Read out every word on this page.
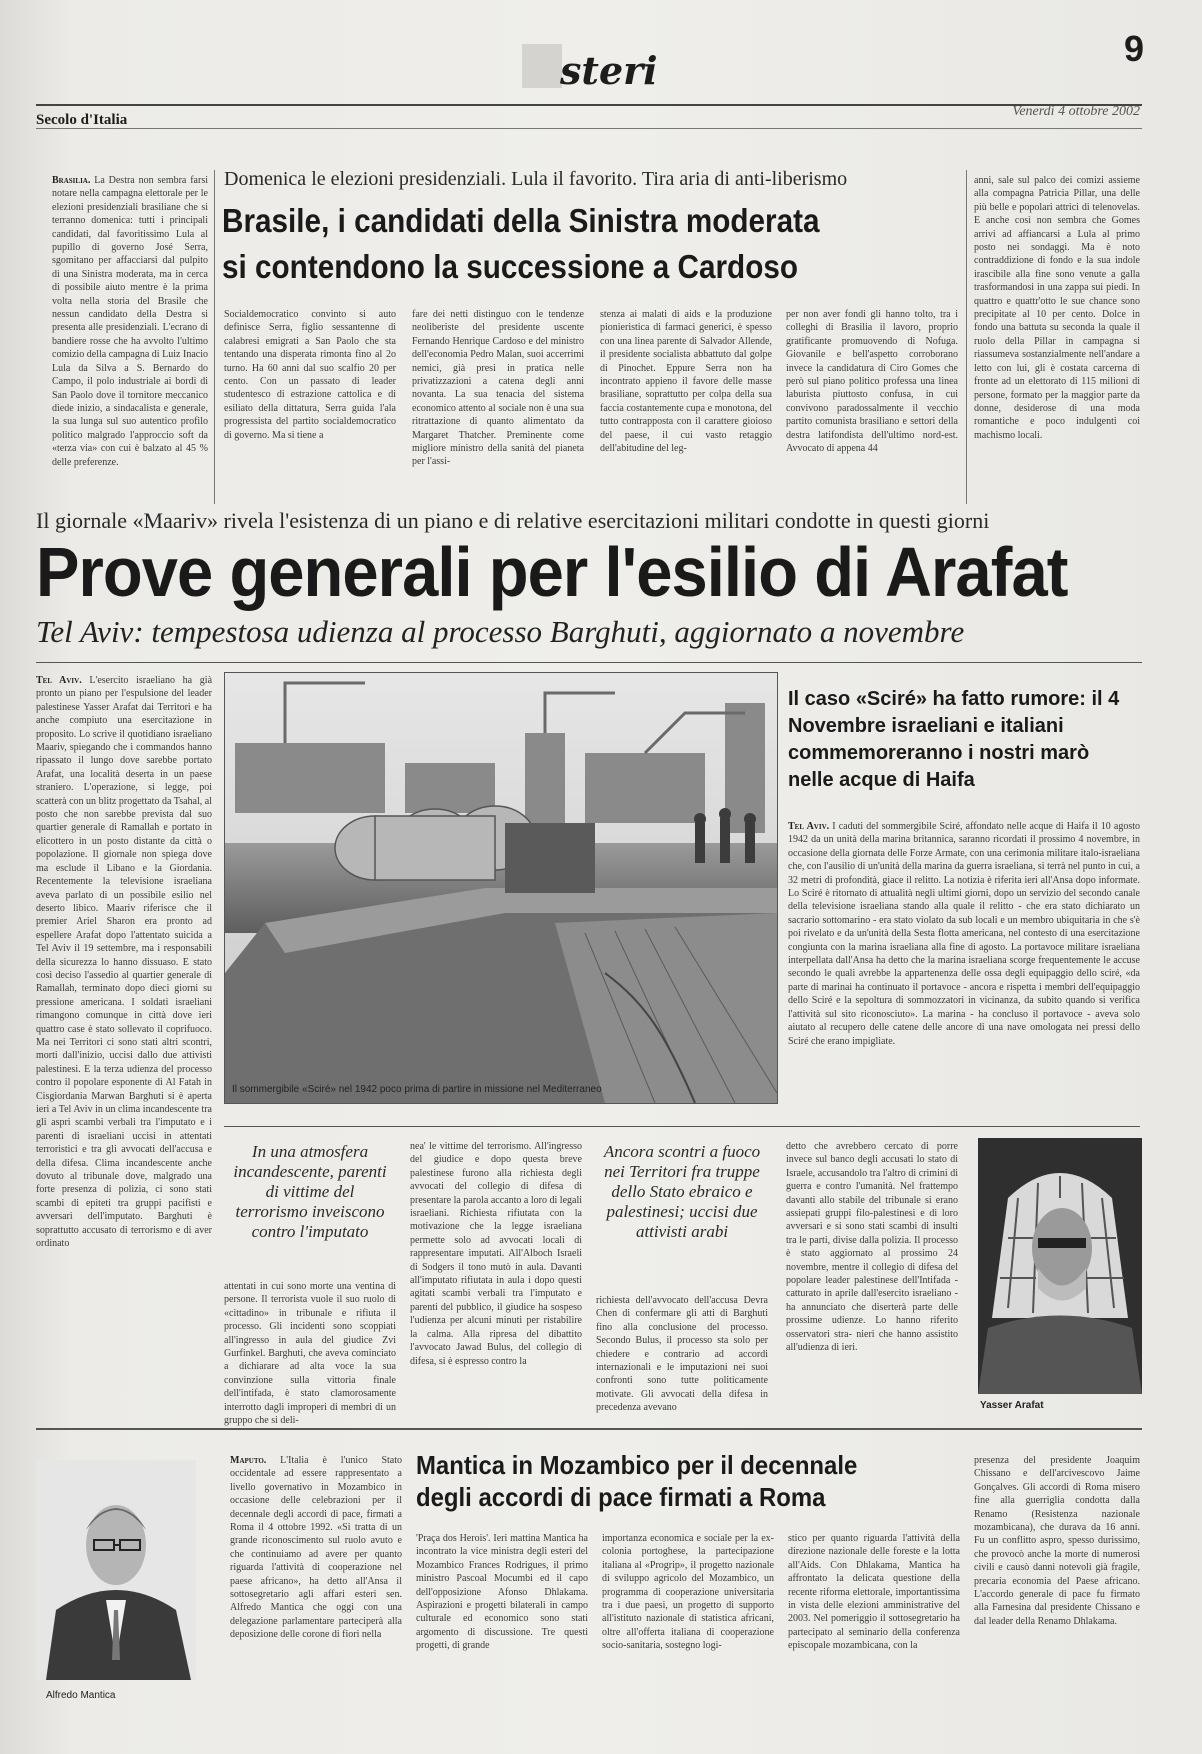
steri	9
Secolo d'Italia
Venerdì 4 ottobre 2002
Brasilia. La Destra non sembra farsi notare nella campagna elettorale per le elezioni presidenziali brasiliane che si terranno domenica: tutti i principali candidati, dal favoritissimo Lula al pupillo di governo José Serra, sgomitano per affacciarsi dal pulpito di una Sinistra moderata, ma in cerca di possibile aiuto mentre è la prima volta nella storia del Brasile che nessun candidato della Destra si presenta alle presidenziali. L'ecrano di bandiere rosse che ha avvolto l'ultimo comizio della campagna di Luiz Inacio Lula da Silva a S. Bernardo do Campo, il polo industriale ai bordi di San Paolo dove il tornitore meccanico diede inizio, a sindacalista e generale, la sua lunga sul suo autentico profilo politico malgrado l'approccio soft da «terza via» con cui è balzato al 45 % delle preferenze.
Domenica le elezioni presidenziali. Lula il favorito. Tira aria di anti-liberismo
Brasile, i candidati della Sinistra moderata
si contendono la successione a Cardoso
Socialdemocratico convinto si auto definisce Serra, figlio sessantenne di calabresi emigrati a San Paolo che sta tentando una disperata rimonta fino al 2o turno. Ha 60 anni dal suo scalfio 20 per cento. Con un passato di leader studentesco di estrazione cattolica e di esiliato della dittatura, Serra guida l'ala progressista del partito socialdemocratico di governo. Ma si tiene a
fare dei netti distinguo con le tendenze neoliberiste del presidente uscente Fernando Henrique Cardoso e del ministro dell'economia Pedro Malan, suoi accerrimi nemici, già presi in pratica nelle privatizzazioni a catena degli anni novanta. La sua tenacia del sistema economico attento al sociale non è una sua ritrattazione di quanto alimentato da Margaret Thatcher. Preminente come migliore ministro della sanità del pianeta per l'assi-
stenza ai malati di aids e la produzione pionieristica di farmaci generici, è spesso con una linea parente di Salvador Allende, il presidente socialista abbattuto dal golpe di Pinochet. Eppure Serra non ha incontrato appieno il favore delle masse brasiliane, soprattutto per colpa della sua faccia costantemente cupa e monotona, del tutto contrapposta con il carattere gioioso del paese, il cui vasto retaggio dell'abitudine del leg-
per non aver fondi gli hanno tolto, tra i colleghi di Brasilia il lavoro, proprio gratificante promuovendo di Nofuga. Giovanile e bell'aspetto corroborano invece la candidatura di Ciro Gomes che però sul piano politico professa una linea laburista piuttosto confusa, in cui convivono paradossalmente il vecchio partito comunista brasiliano e settori della destra latifondista dell'ultimo nord-est. Avvocato di appena 44
anni, sale sul palco dei comizi assieme alla compagna Patricia Pillar, una delle più belle e popolari attrici di telenovelas. E anche così non sembra che Gomes arrivi ad affiancarsi a Lula al primo posto nei sondaggi. Ma è noto contraddizione di fondo e la sua indole irascibile alla fine sono venute a galla trasformandosi in una zappa sui piedi. In quattro e quattr'otto le sue chance sono precipitate al 10 per cento. Dolce in fondo una battuta su seconda la quale il ruolo della Pillar in campagna si riassumeva sostanzialmente nell'andare a letto con lui, gli è costata carcerna di fronte ad un elettorato di 115 milioni di persone, formato per la maggior parte da donne, desiderose di una moda romantiche e poco indulgenti coi machismo locali.
Il giornale «Maariv» rivela l'esistenza di un piano e di relative esercitazioni militari condotte in questi giorni
Prove generali per l'esilio di Arafat
Tel Aviv: tempestosa udienza al processo Barghuti, aggiornato a novembre
Tel Aviv. L'esercito israeliano ha già pronto un piano per l'espulsione del leader palestinese Yasser Arafat dai Territori e ha anche compiuto una esercitazione in proposito. Lo scrive il quotidiano israeliano Maariv, spiegando che i commandos hanno ripassato il lungo dove sarebbe portato Arafat, una località deserta in un paese straniero. L'operazione, si legge, poi scatterà con un blitz progettato da Tsahal, al posto che non sarebbe prevista dal suo quartier generale di Ramallah e portato in elicottero in un posto distante da città o popolazione. Il giornale non spiega dove ma esclude il Libano e la Giordania. Recentemente la televisione israeliana aveva parlato di un possibile esilio nel deserto libico. Maariv riferisce che il premier Ariel Sharon era pronto ad espellere Arafat dopo l'attentato suicida a Tel Aviv il 19 settembre, ma i responsabili della sicurezza lo hanno dissuaso. E stato così deciso l'assedio al quartier generale di Ramallah, terminato dopo dieci giorni su pressione americana. I soldati israeliani rimangono comunque in città dove ieri quattro case è stato sollevato il coprifuoco. Ma nei Territori ci sono stati altri scontri, morti dall'inizio, uccisi dallo due attivisti palestinesi. E la terza udienza del processo contro il popolare esponente di Al Fatah in Cisgiordania Marwan Barghuti si è aperta ieri a Tel Aviv in un clima incandescente tra gli aspri scambi verbali tra l'imputato e i parenti di israeliani uccisi in attentati terroristici e tra gli avvocati dell'accusa e della difesa. Clima incandescente anche dovuto al tribunale dove, malgrado una forte presenza di polizia, ci sono stati scambi di epiteti tra gruppi pacifisti e avversari dell'imputato. Barghuti è soprattutto accusato di terrorismo e di aver ordinato
Il sommergibile «Sciré» nel 1942 poco prima di partire in missione nel Mediterraneo
Il caso «Sciré» ha fatto rumore: il 4 Novembre israeliani e italiani commemoreranno i nostri marò nelle acque di Haifa
Tel Aviv. I caduti del sommergibile Sciré, affondato nelle acque di Haifa il 10 agosto 1942 da un unità della marina britannica, saranno ricordati il prossimo 4 novembre, in occasione della giornata delle Forze Armate, con una cerimonia militare italo-israeliana che, con l'ausilio di un'unità della marina da guerra israeliana, si terrà nel punto in cui, a 32 metri di profondità, giace il relitto. La notizia è riferita ieri all'Ansa dopo informate. Lo Sciré è ritornato di attualità negli ultimi giorni, dopo un servizio del secondo canale della televisione israeliana stando alla quale il relitto - che era stato dichiarato un sacrario sottomarino - era stato violato da sub locali e un membro ubiquitaria in che s'è poi rivelato e da un'unità della Sesta flotta americana, nel contesto di una esercitazione congiunta con la marina israeliana alla fine di agosto. La portavoce militare israeliana interpellata dall'Ansa ha detto che la marina israeliana scorge frequentemente le accuse secondo le quali avrebbe la appartenenza delle ossa degli equipaggio dello sciré, «da parte di marinai ha continuato il portavoce - ancora e rispetta i membri dell'equipaggio dello Sciré e la sepoltura di sommozzatori in vicinanza, da subito quando si verifica l'attività sul sito riconosciuto». La marina - ha concluso il portavoce - aveva solo aiutato al recupero delle catene delle ancore di una nave omologata nei pressi dello Sciré che erano impigliate.
In una atmosfera incandescente, parenti di vittime del terrorismo inveiscono contro l'imputato
attentati in cui sono morte una ventina di persone. Il terrorista vuole il suo ruolo di «cittadino» in tribunale e rifiuta il processo. Gli incidenti sono scoppiati all'ingresso in aula del giudice Zvi Gurfinkel. Barghuti, che aveva cominciato a dichiarare ad alta voce la sua convinzione sulla vittoria finale dell'intifada, è stato clamorosamente interrotto dagli improperi di membri di un gruppo che si deli-
nea' le vittime del terrorismo. All'ingresso del giudice e dopo questa breve palestinese furono alla richiesta degli avvocati del collegio di difesa di presentare la parola accanto a loro di legali israeliani. Richiesta rifiutata con la motivazione che la legge israeliana permette solo ad avvocati locali di rappresentare imputati. All'Alboch Israeli di Sodgers il tono mutò in aula. Davanti all'imputato rifiutata in aula i dopo questi agitati scambi verbali tra l'imputato e parenti del pubblico, il giudice ha sospeso l'udienza per alcuni minuti per ristabilire la calma. Alla ripresa del dibattito l'avvocato Jawad Bulus, del collegio di difesa, si è espresso contro la
Ancora scontri a fuoco nei Territori fra truppe dello Stato ebraico e palestinesi; uccisi due attivisti arabi
richiesta dell'avvocato dell'accusa Devra Chen di confermare gli atti di Barghuti fino alla conclusione del processo. Secondo Bulus, il processo sta solo per chiedere e contrario ad accordi internazionali e le imputazioni nei suoi confronti sono tutte politicamente motivate. Gli avvocati della difesa in precedenza avevano
detto che avrebbero cercato di porre invece sul banco degli accusati lo stato di Israele, accusandolo tra l'altro di crimini di guerra e contro l'umanità. Nel frattempo davanti allo stabile del tribunale si erano assiepati gruppi filo-palestinesi e di loro avversari e si sono stati scambi di insulti tra le parti, divise dalla polizia. Il processo è stato aggiornato al prossimo 24 novembre, mentre il collegio di difesa del popolare leader palestinese dell'Intifada - catturato in aprile dall'esercito israeliano - ha annunciato che diserterà parte delle prossime udienze. Lo hanno riferito osservatori stra- nieri che hanno assistito all'udienza di ieri.
Yasser Arafat
Alfredo Mantica
Maputo. L'Italia è l'unico Stato occidentale ad essere rappresentato a livello governativo in Mozambico in occasione delle celebrazioni per il decennale degli accordi di pace, firmati a Roma il 4 ottobre 1992. «Si tratta di un grande riconoscimento sul ruolo avuto e che continuiamo ad avere per quanto riguarda l'attività di cooperazione nel paese africano», ha detto all'Ansa il sottosegretario agli affari esteri sen. Alfredo Mantica che oggi con una delegazione parlamentare parteciperà alla deposizione delle corone di fiori nella
Mantica in Mozambico per il decennale
degli accordi di pace firmati a Roma
'Praça dos Herois'. Ieri mattina Mantica ha incontrato la vice ministra degli esteri del Mozambico Frances Rodrigues, il primo ministro Pascoal Mocumbi ed il capo dell'opposizione Afonso Dhlakama. Aspirazioni e progetti bilaterali in campo culturale ed economico sono stati argomento di discussione. Tre questi progetti, di grande
importanza economica e sociale per la ex-colonia portoghese, la partecipazione italiana al «Progrip», il progetto nazionale di sviluppo agricolo del Mozambico, un programma di cooperazione universitaria tra i due paesi, un progetto di supporto all'istituto nazionale di statistica africani, oltre all'offerta italiana di cooperazione socio-sanitaria, sostegno logi-
stico per quanto riguarda l'attività della direzione nazionale delle foreste e la lotta all'Aids. Con Dhlakama, Mantica ha affrontato la delicata questione della recente riforma elettorale, importantissima in vista delle elezioni amministrative del 2003. Nel pomeriggio il sottosegretario ha partecipato al seminario della conferenza episcopale mozambicana, con la
presenza del presidente Joaquim Chissano e dell'arcivescovo Jaime Gonçalves. Gli accordi di Roma misero fine alla guerriglia condotta dalla Renamo (Resistenza nazionale mozambicana), che durava da 16 anni. Fu un conflitto aspro, spesso durissimo, che provocò anche la morte di numerosi civili e causò danni notevoli già fragile, precaria economia del Paese africano. L'accordo generale di pace fu firmato alla Farnesina dal presidente Chissano e dal leader della Renamo Dhlakama.
